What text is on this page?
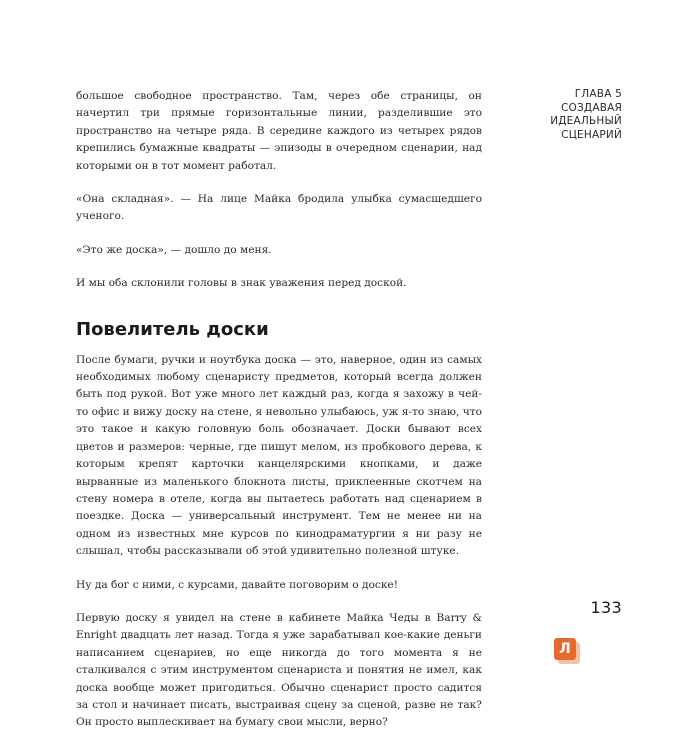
большое свободное пространство. Там, через обе страницы, он начертил три прямые горизонтальные линии, разделившие это пространство на четыре ряда. В середине каждого из четырех рядов крепились бумажные квадраты — эпизоды в очередном сценарии, над которыми он в тот момент работал.

«Она складная». — На лице Майка бродила улыбка сумасшедшего ученого.

«Это же доска», — дошло до меня.

И мы оба склонили головы в знак уважения перед доской.

Повелитель доски

После бумаги, ручки и ноутбука доска — это, наверное, один из самых необходимых любому сценаристу предметов, который всегда должен быть под рукой. Вот уже много лет каждый раз, когда я захожу в чей-то офис и вижу доску на стене, я невольно улыбаюсь, уж я-то знаю, что это такое и какую головную боль обозначает. Доски бывают всех цветов и размеров: черные, где пишут мелом, из пробкового дерева, к которым крепят карточки канцелярскими кнопками, и даже вырванные из маленького блокнота листы, приклеенные скотчем на стену номера в отеле, когда вы пытаетесь работать над сценарием в поездке. Доска — универсальный инструмент. Тем не менее ни на одном из известных мне курсов по кинодраматургии я ни разу не слышал, чтобы рассказывали об этой удивительно полезной штуке.

Ну да бог с ними, с курсами, давайте поговорим о доске!

Первую доску я увидел на стене в кабинете Майка Чеды в Barry & Enright двадцать лет назад. Тогда я уже зарабатывал кое-какие деньги написанием сценариев, но еще никогда до того момента я не сталкивался с этим инструментом сценариста и понятия не имел, как доска вообще может пригодиться. Обычно сценарист просто садится за стол и начинает писать, выстраивая сцену за сценой, разве не так? Он просто выплескивает на бумагу свои мысли, верно?

ГЛАВА 5
СОЗДАВАЯ
ИДЕАЛЬНЫЙ
СЦЕНАРИЙ
133
Л
